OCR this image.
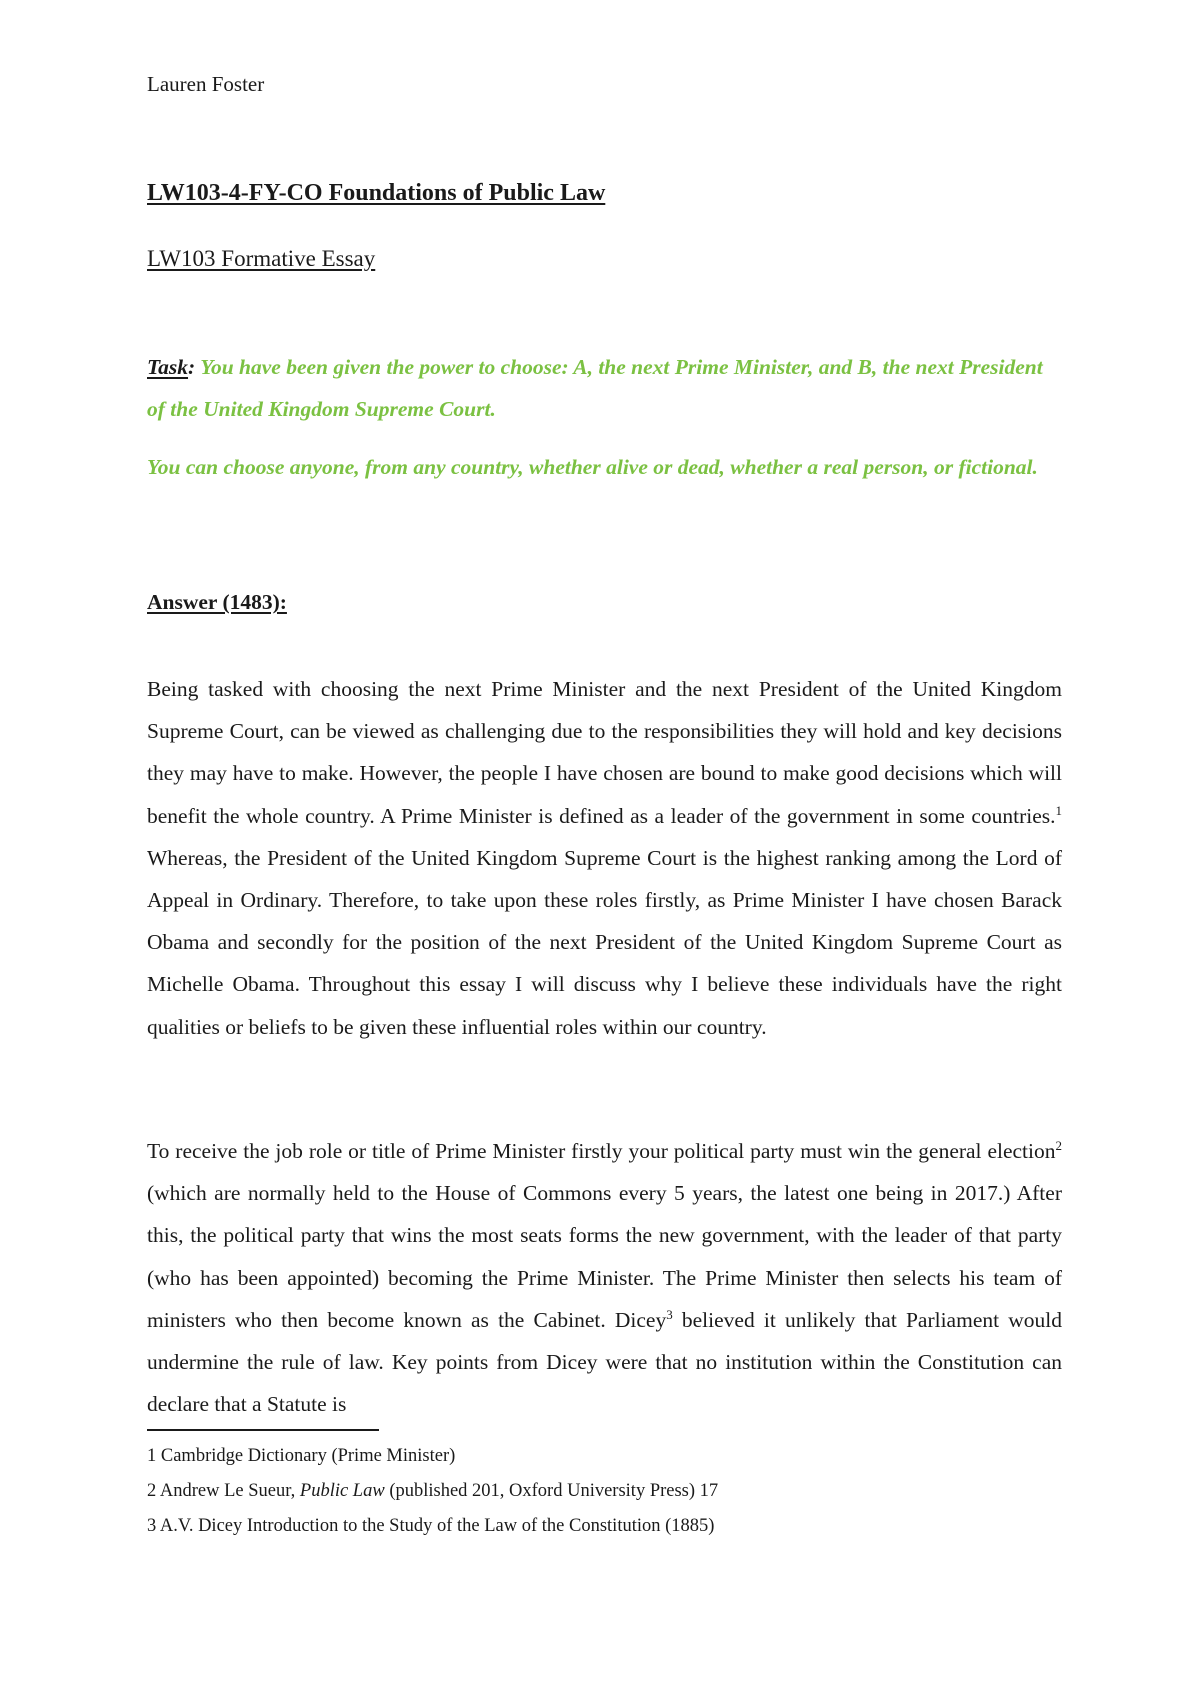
Lauren Foster
LW103-4-FY-CO Foundations of Public Law
LW103 Formative Essay

Task: You have been given the power to choose: A, the next Prime Minister, and B, the next President of the United Kingdom Supreme Court.

You can choose anyone, from any country, whether alive or dead, whether a real person, or fictional.

Answer (1483):

Being tasked with choosing the next Prime Minister and the next President of the United Kingdom Supreme Court, can be viewed as challenging due to the responsibilities they will hold and key decisions they may have to make. However, the people I have chosen are bound to make good decisions which will benefit the whole country. A Prime Minister is defined as a leader of the government in some countries.$^1$ Whereas, the President of the United Kingdom Supreme Court is the highest ranking among the Lord of Appeal in Ordinary. Therefore, to take upon these roles firstly, as Prime Minister I have chosen Barack Obama and secondly for the position of the next President of the United Kingdom Supreme Court as Michelle Obama. Throughout this essay I will discuss why I believe these individuals have the right qualities or beliefs to be given these influential roles within our country.

To receive the job role or title of Prime Minister firstly your political party must win the general election$^2$ (which are normally held to the House of Commons every 5 years, the latest one being in 2017.) After this, the political party that wins the most seats forms the new government, with the leader of that party (who has been appointed) becoming the Prime Minister. The Prime Minister then selects his team of ministers who then become known as the Cabinet. Dicey$^3$ believed it unlikely that Parliament would undermine the rule of law. Key points from Dicey were that no institution within the Constitution can declare that a Statute is

1 Cambridge Dictionary (Prime Minister)
2 Andrew Le Sueur, Public Law (published 201, Oxford University Press) 17
3 A.V. Dicey Introduction to the Study of the Law of the Constitution (1885)
